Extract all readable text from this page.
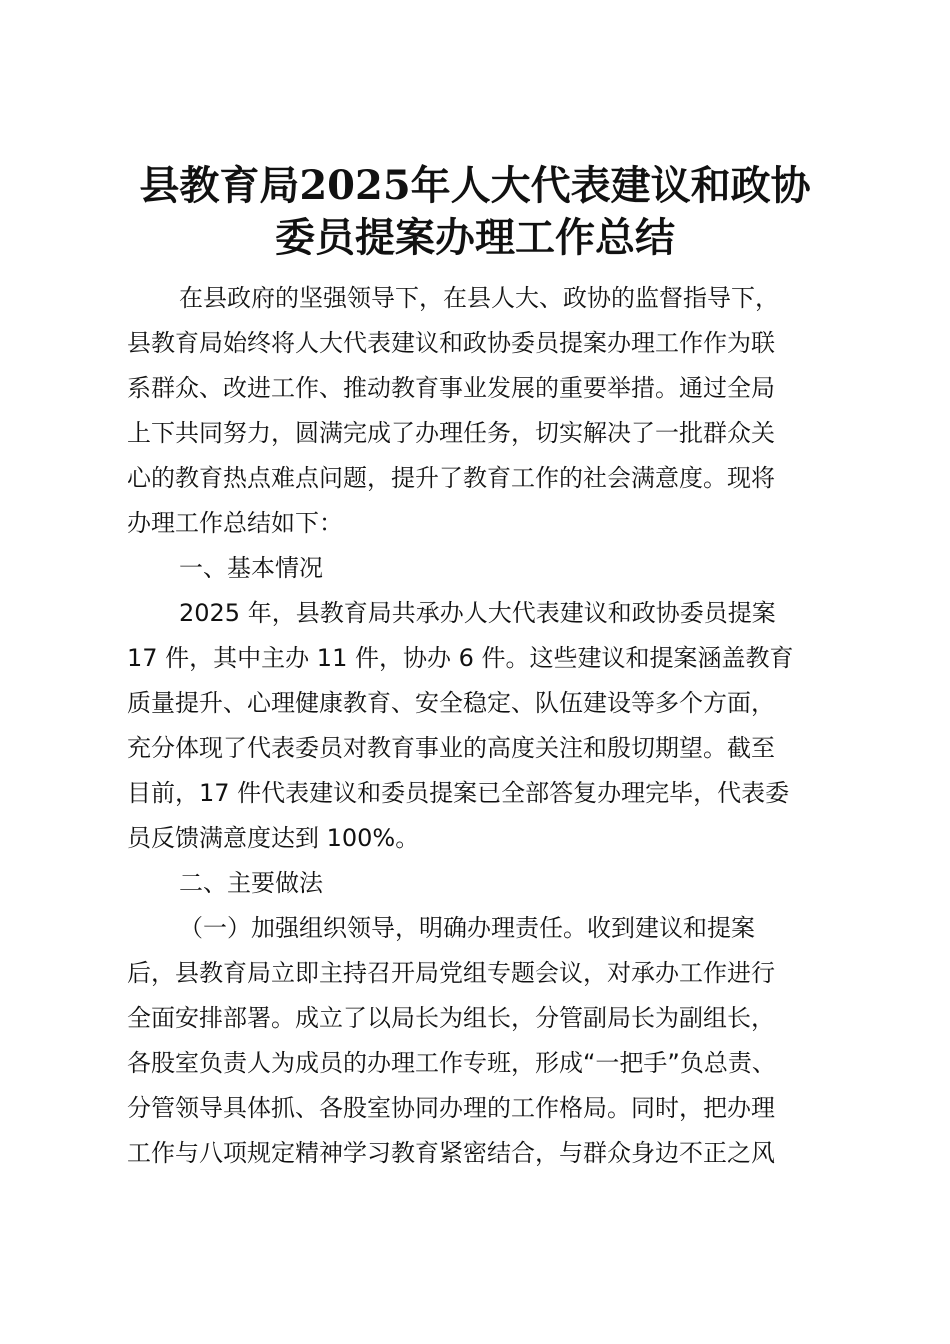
县教育局2025年人大代表建议和政协
委员提案办理工作总结
在县政府的坚强领导下，在县人大、政协的监督指导下，
县教育局始终将人大代表建议和政协委员提案办理工作作为联
系群众、改进工作、推动教育事业发展的重要举措。通过全局
上下共同努力，圆满完成了办理任务，切实解决了一批群众关
心的教育热点难点问题，提升了教育工作的社会满意度。现将
办理工作总结如下：
一、基本情况
2025 年，县教育局共承办人大代表建议和政协委员提案
17 件，其中主办 11 件，协办 6 件。这些建议和提案涵盖教育
质量提升、心理健康教育、安全稳定、队伍建设等多个方面，
充分体现了代表委员对教育事业的高度关注和殷切期望。截至
目前，17 件代表建议和委员提案已全部答复办理完毕，代表委
员反馈满意度达到 100%。
二、主要做法
（一）加强组织领导，明确办理责任。收到建议和提案
后，县教育局立即主持召开局党组专题会议，对承办工作进行
全面安排部署。成立了以局长为组长，分管副局长为副组长，
各股室负责人为成员的办理工作专班，形成“一把手”负总责、
分管领导具体抓、各股室协同办理的工作格局。同时，把办理
工作与八项规定精神学习教育紧密结合，与群众身边不正之风
